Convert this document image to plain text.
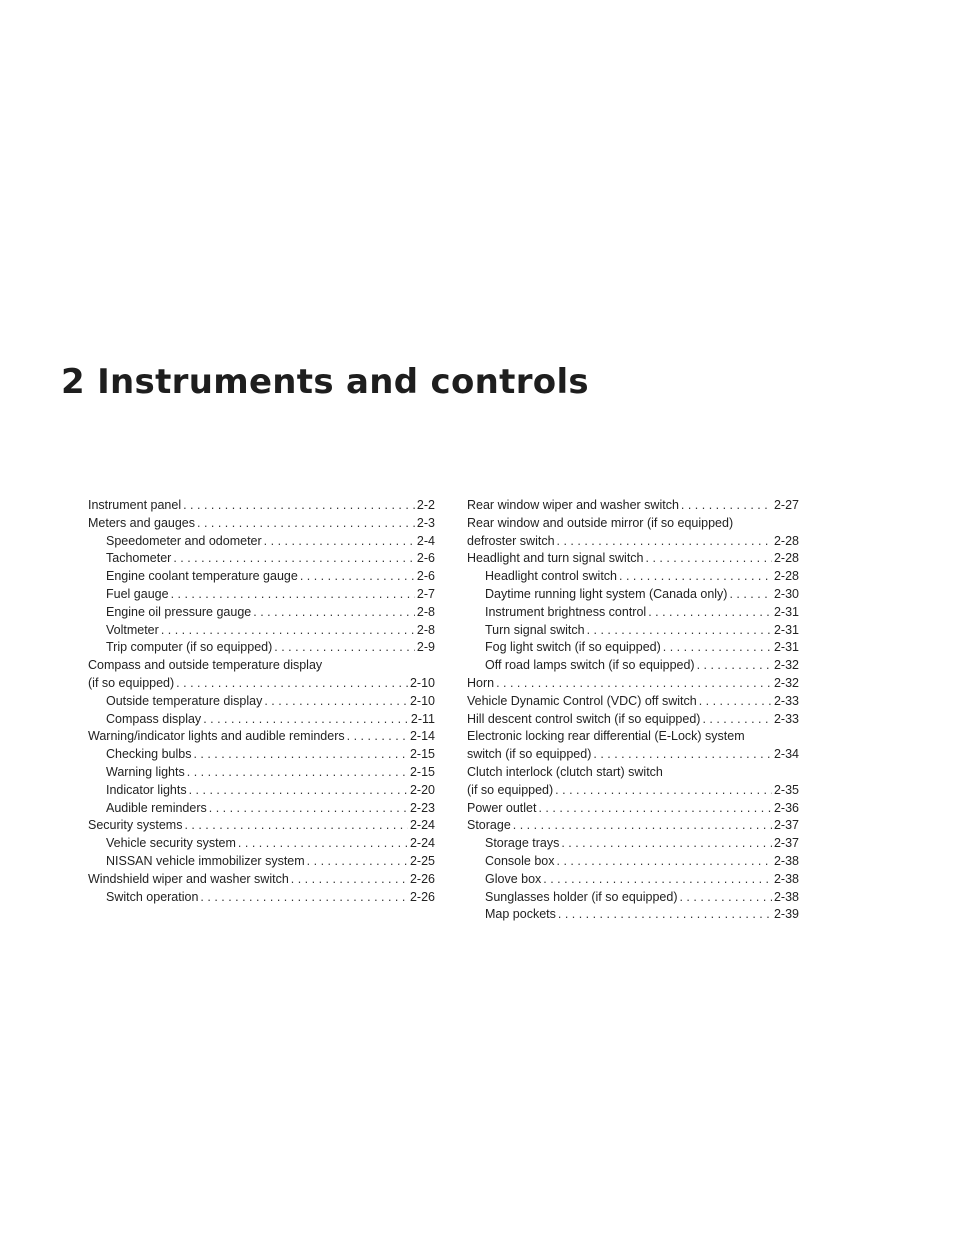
2 Instruments and controls
Instrument panel . . .	2-2
Meters and gauges . . .	2-3
Speedometer and odometer . . .	2-4
Tachometer . . .	2-6
Engine coolant temperature gauge . . .	2-6
Fuel gauge . . .	2-7
Engine oil pressure gauge . . .	2-8
Voltmeter . . .	2-8
Trip computer (if so equipped) . . .	2-9
Compass and outside temperature display
(if so equipped) . . .	2-10
Outside temperature display . . .	2-10
Compass display . . .	2-11
Warning/indicator lights and audible reminders . . .	2-14
Checking bulbs . . .	2-15
Warning lights . . .	2-15
Indicator lights . . .	2-20
Audible reminders . . .	2-23
Security systems . . .	2-24
Vehicle security system . . .	2-24
NISSAN vehicle immobilizer system . . .	2-25
Windshield wiper and washer switch . . .	2-26
Switch operation . . .	2-26
Rear window wiper and washer switch . . .	2-27
Rear window and outside mirror (if so equipped)
defroster switch . . .	2-28
Headlight and turn signal switch . . .	2-28
Headlight control switch . . .	2-28
Daytime running light system (Canada only) . . .	2-30
Instrument brightness control . . .	2-31
Turn signal switch . . .	2-31
Fog light switch (if so equipped) . . .	2-31
Off road lamps switch (if so equipped) . . .	2-32
Horn . . .	2-32
Vehicle Dynamic Control (VDC) off switch . . .	2-33
Hill descent control switch (if so equipped) . . .	2-33
Electronic locking rear differential (E-Lock) system
switch (if so equipped) . . .	2-34
Clutch interlock (clutch start) switch
(if so equipped) . . .	2-35
Power outlet . . .	2-36
Storage . . .	2-37
Storage trays . . .	2-37
Console box . . .	2-38
Glove box . . .	2-38
Sunglasses holder (if so equipped) . . .	2-38
Map pockets . . .	2-39
